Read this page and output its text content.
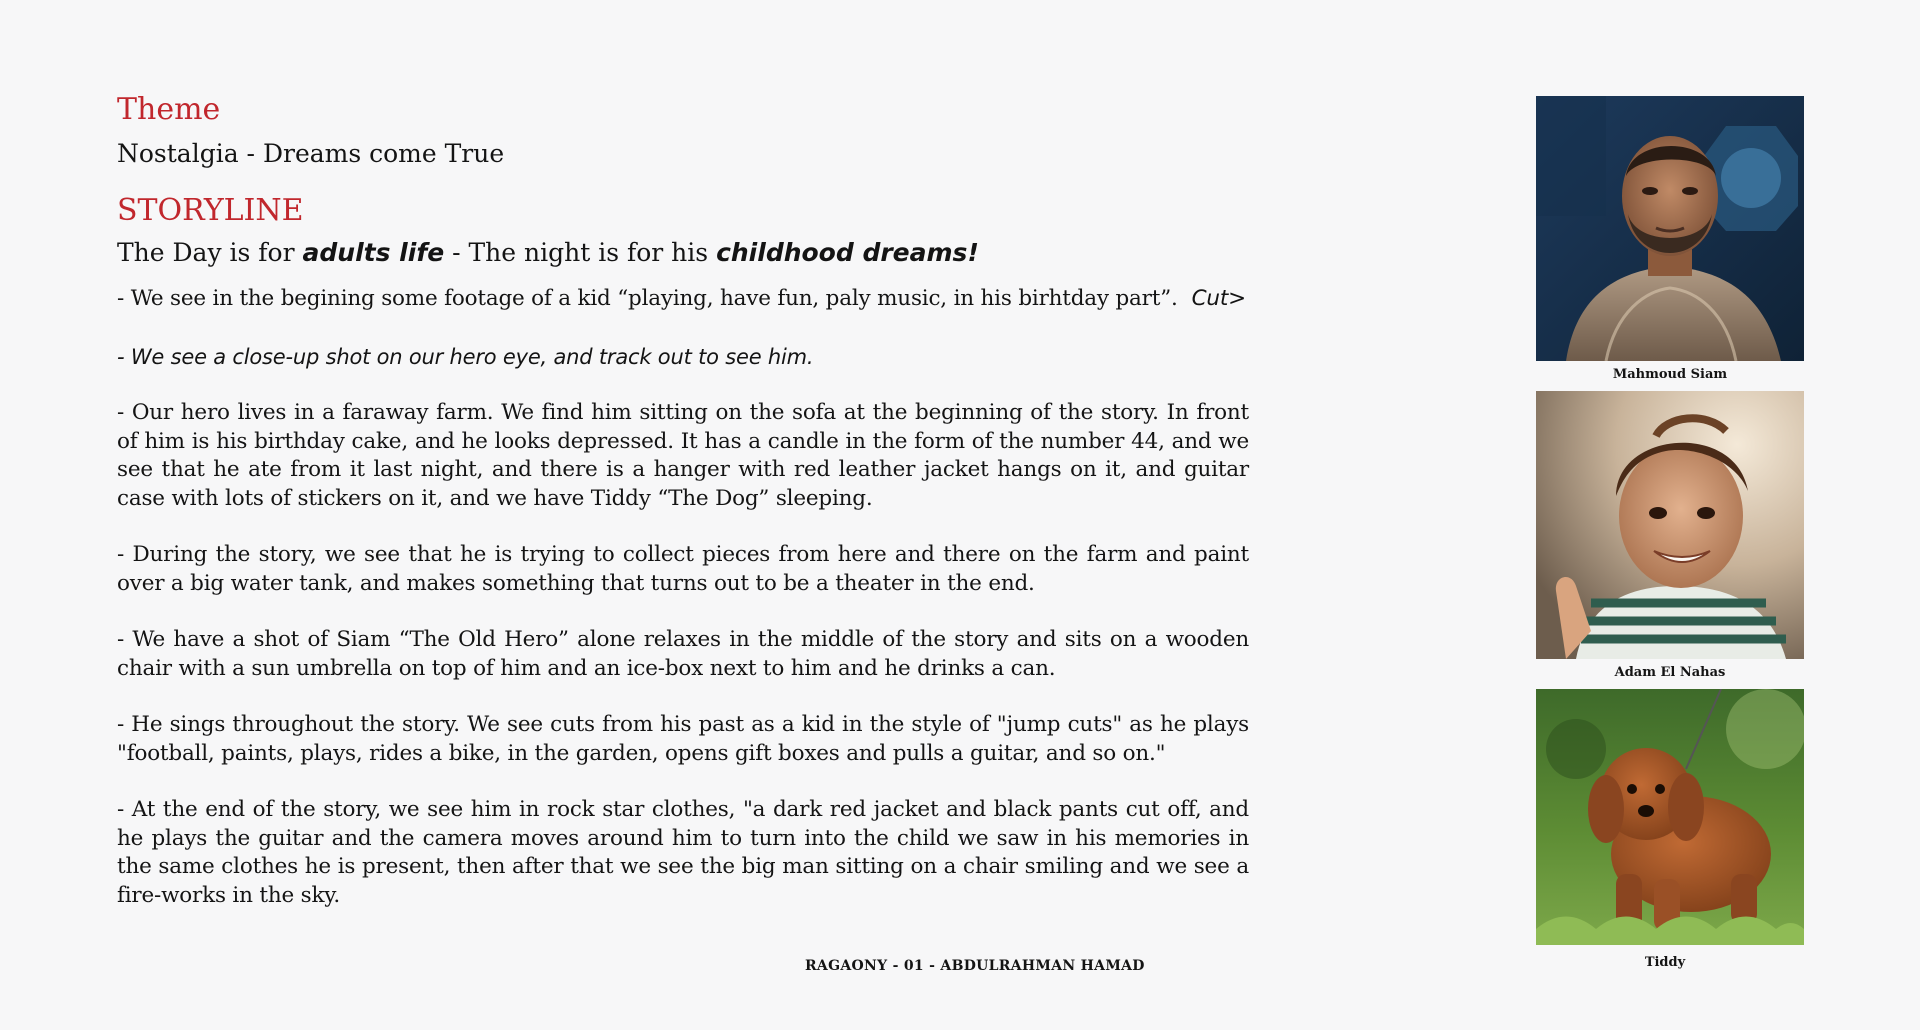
Theme

Nostalgia - Dreams come True

STORYLINE

The Day is for adults life - The night is for his childhood dreams!

- We see in the begining some footage of a kid “playing, have fun, paly music, in his birhtday part”. Cut>

- We see a close-up shot on our hero eye, and track out to see him.

- Our hero lives in a faraway farm. We find him sitting on the sofa at the beginning of the story. In front of him is his birthday cake, and he looks depressed. It has a candle in the form of the number 44, and we see that he ate from it last night, and there is a hanger with red leather jacket hangs on it, and guitar case with lots of stickers on it, and we have Tiddy “The Dog” sleeping.

- During the story, we see that he is trying to collect pieces from here and there on the farm and paint over a big water tank, and makes something that turns out to be a theater in the end.

- We have a shot of Siam “The Old Hero” alone relaxes in the middle of the story and sits on a wooden chair with a sun umbrella on top of him and an ice-box next to him and he drinks a can.

- He sings throughout the story. We see cuts from his past as a kid in the style of "jump cuts" as he plays "football, paints, plays, rides a bike, in the garden, opens gift boxes and pulls a guitar, and so on."

- At the end of the story, we see him in rock star clothes, "a dark red jacket and black pants cut off, and he plays the guitar and the camera moves around him to turn into the child we saw in his memories in the same clothes he is present, then after that we see the big man sitting on a chair smiling and we see a fire-works in the sky.

Mahmoud Siam
Adam El Nahas
Tiddy
RAGAONY - 01 - ABDULRAHMAN HAMAD
